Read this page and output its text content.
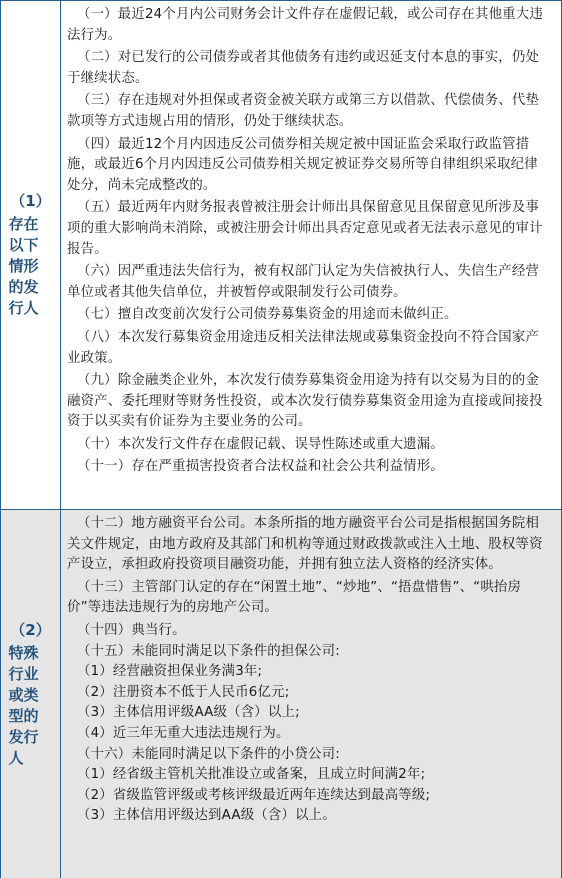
（1）
存在以下情形的发行人

（一）最近24个月内公司财务会计文件存在虚假记载，或公司存在其他重大违法行为。

（二）对已发行的公司债券或者其他债务有违约或迟延支付本息的事实，仍处于继续状态。

（三）存在违规对外担保或者资金被关联方或第三方以借款、代偿债务、代垫款项等方式违规占用的情形，仍处于继续状态。

（四）最近12个月内因违反公司债券相关规定被中国证监会采取行政监管措施，或最近6个月内因违反公司债券相关规定被证券交易所等自律组织采取纪律处分，尚未完成整改的。

（五）最近两年内财务报表曾被注册会计师出具保留意见且保留意见所涉及事项的重大影响尚未消除，或被注册会计师出具否定意见或者无法表示意见的审计报告。

（六）因严重违法失信行为，被有权部门认定为失信被执行人、失信生产经营单位或者其他失信单位，并被暂停或限制发行公司债券。

（七）擅自改变前次发行公司债券募集资金的用途而未做纠正。

（八）本次发行募集资金用途违反相关法律法规或募集资金投向不符合国家产业政策。

（九）除金融类企业外，本次发行债券募集资金用途为持有以交易为目的的金融资产、委托理财等财务性投资，或本次发行债券募集资金用途为直接或间接投资于以买卖有价证券为主要业务的公司。

（十）本次发行文件存在虚假记载、误导性陈述或重大遗漏。

（十一）存在严重损害投资者合法权益和社会公共利益情形。

（2）
特殊行业或类型的发行人

（十二）地方融资平台公司。本条所指的地方融资平台公司是指根据国务院相关文件规定，由地方政府及其部门和机构等通过财政拨款或注入土地、股权等资产设立，承担政府投资项目融资功能，并拥有独立法人资格的经济实体。

（十三）主管部门认定的存在“闲置土地”、“炒地”、“捂盘惜售”、“哄抬房价”等违法违规行为的房地产公司。

（十四）典当行。

（十五）未能同时满足以下条件的担保公司:

（1）经营融资担保业务满3年;

（2）注册资本不低于人民币6亿元;

（3）主体信用评级AA级（含）以上;

（4）近三年无重大违法违规行为。

（十六）未能同时满足以下条件的小贷公司:

（1）经省级主管机关批准设立或备案，且成立时间满2年;

（2）省级监管评级或考核评级最近两年连续达到最高等级;

（3）主体信用评级达到AA级（含）以上。
